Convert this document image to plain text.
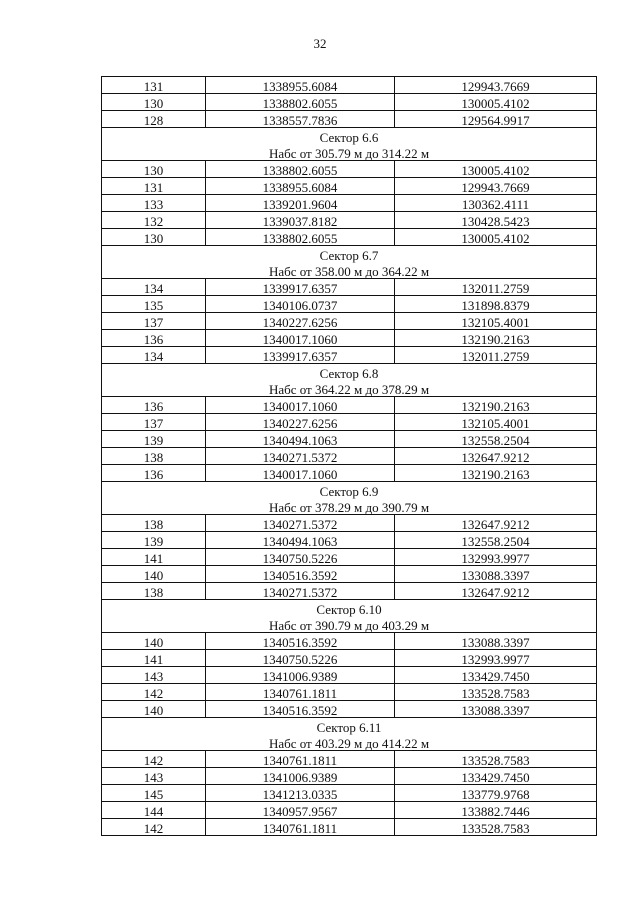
32
131	1338955.6084	129943.7669
130	1338802.6055	130005.4102
128	1338557.7836	129564.9917
Сектор 6.6		
Набс от 305.79 м до 314.22 м		
130	1338802.6055	130005.4102
131	1338955.6084	129943.7669
133	1339201.9604	130362.4111
132	1339037.8182	130428.5423
130	1338802.6055	130005.4102
Сектор 6.7		
Набс от 358.00 м до 364.22 м		
134	1339917.6357	132011.2759
135	1340106.0737	131898.8379
137	1340227.6256	132105.4001
136	1340017.1060	132190.2163
134	1339917.6357	132011.2759
Сектор 6.8		
Набс от 364.22 м до 378.29 м		
136	1340017.1060	132190.2163
137	1340227.6256	132105.4001
139	1340494.1063	132558.2504
138	1340271.5372	132647.9212
136	1340017.1060	132190.2163
Сектор 6.9		
Набс от 378.29 м до 390.79 м		
138	1340271.5372	132647.9212
139	1340494.1063	132558.2504
141	1340750.5226	132993.9977
140	1340516.3592	133088.3397
138	1340271.5372	132647.9212
Сектор 6.10		
Набс от 390.79 м до 403.29 м		
140	1340516.3592	133088.3397
141	1340750.5226	132993.9977
143	1341006.9389	133429.7450
142	1340761.1811	133528.7583
140	1340516.3592	133088.3397
Сектор 6.11		
Набс от 403.29 м до 414.22 м		
142	1340761.1811	133528.7583
143	1341006.9389	133429.7450
145	1341213.0335	133779.9768
144	1340957.9567	133882.7446
142	1340761.1811	133528.7583
